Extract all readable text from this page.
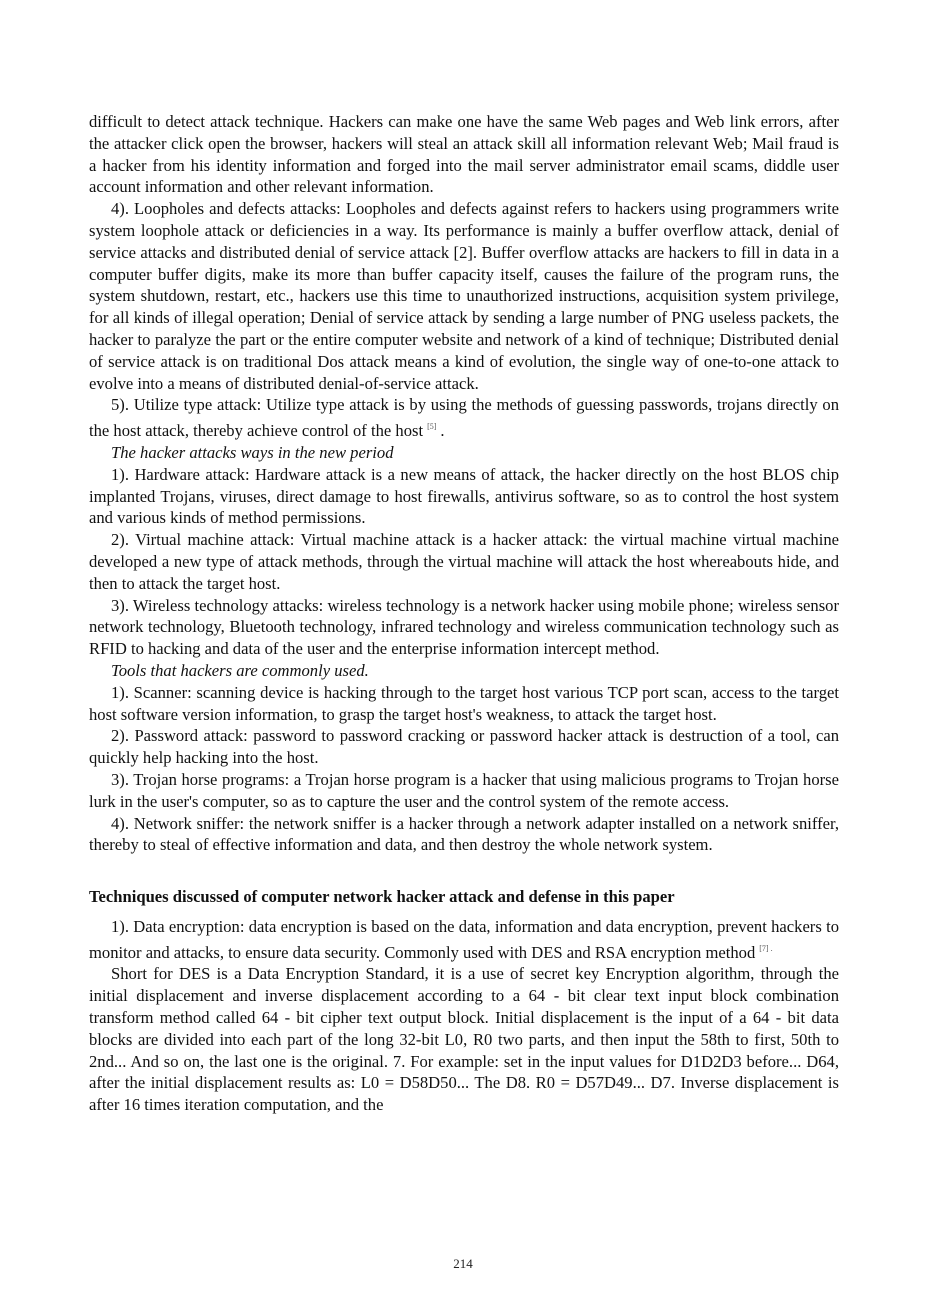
difficult to detect attack technique. Hackers can make one have the same Web pages and Web link errors, after the attacker click open the browser, hackers will steal an attack skill all information relevant Web; Mail fraud is a hacker from his identity information and forged into the mail server administrator email scams, diddle user account information and other relevant information.

4). Loopholes and defects attacks: Loopholes and defects against refers to hackers using programmers write system loophole attack or deficiencies in a way. Its performance is mainly a buffer overflow attack, denial of service attacks and distributed denial of service attack [2]. Buffer overflow attacks are hackers to fill in data in a computer buffer digits, make its more than buffer capacity itself, causes the failure of the program runs, the system shutdown, restart, etc., hackers use this time to unauthorized instructions, acquisition system privilege, for all kinds of illegal operation; Denial of service attack by sending a large number of PNG useless packets, the hacker to paralyze the part or the entire computer website and network of a kind of technique; Distributed denial of service attack is on traditional Dos attack means a kind of evolution, the single way of one-to-one attack to evolve into a means of distributed denial-of-service attack.

5). Utilize type attack: Utilize type attack is by using the methods of guessing passwords, trojans directly on the host attack, thereby achieve control of the host [5] .

The hacker attacks ways in the new period

1). Hardware attack: Hardware attack is a new means of attack, the hacker directly on the host BLOS chip implanted Trojans, viruses, direct damage to host firewalls, antivirus software, so as to control the host system and various kinds of method permissions.

2). Virtual machine attack: Virtual machine attack is a hacker attack: the virtual machine virtual machine developed a new type of attack methods, through the virtual machine will attack the host whereabouts hide, and then to attack the target host.

3). Wireless technology attacks: wireless technology is a network hacker using mobile phone; wireless sensor network technology, Bluetooth technology, infrared technology and wireless communication technology such as RFID to hacking and data of the user and the enterprise information intercept method.

Tools that hackers are commonly used.

1). Scanner: scanning device is hacking through to the target host various TCP port scan, access to the target host software version information, to grasp the target host's weakness, to attack the target host.

2). Password attack: password to password cracking or password hacker attack is destruction of a tool, can quickly help hacking into the host.

3). Trojan horse programs: a Trojan horse program is a hacker that using malicious programs to Trojan horse lurk in the user's computer, so as to capture the user and the control system of the remote access.

4). Network sniffer: the network sniffer is a hacker through a network adapter installed on a network sniffer, thereby to steal of effective information and data, and then destroy the whole network system.

Techniques discussed of computer network hacker attack and defense in this paper

1). Data encryption: data encryption is based on the data, information and data encryption, prevent hackers to monitor and attacks, to ensure data security. Commonly used with DES and RSA encryption method $^{[7] .}$

Short for DES is a Data Encryption Standard, it is a use of secret key Encryption algorithm, through the initial displacement and inverse displacement according to a 64 - bit clear text input block combination transform method called 64 - bit cipher text output block. Initial displacement is the input of a 64 - bit data blocks are divided into each part of the long 32-bit L0, R0 two parts, and then input the 58th to first, 50th to 2nd... And so on, the last one is the original. 7. For example: set in the input values for D1D2D3 before... D64, after the initial displacement results as: L0 = D58D50... The D8. R0 = D57D49... D7. Inverse displacement is after 16 times iteration computation, and the

214
